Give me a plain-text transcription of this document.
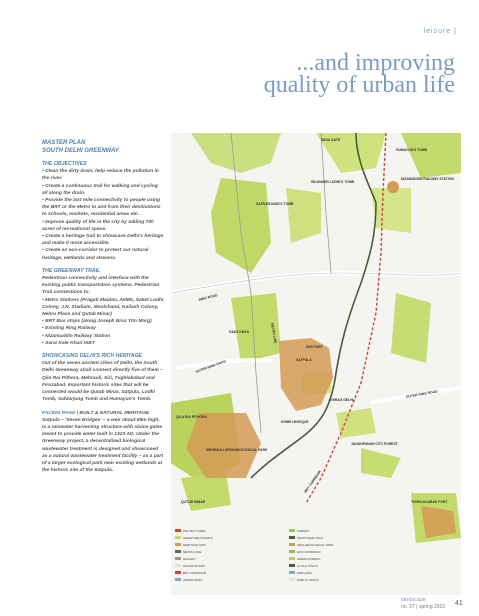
leisure |
...and improving
quality of urban life
MASTER PLAN
SOUTH DELHI GREENWAY
THE OBJECTIVES
• Clean the dirty drain, help reduce the pollution in the river.
• Create a continuous trail for walking and cycling all along the drain.
• Provide the last mile connectivity to people using the BRT or the Metro to and from their destinations to schools, markets, residential areas etc.
• Improve quality of life in the city by adding 700 acres of recreational space.
• Create a heritage trail to showcase Delhi's heritage and make it more accessible.
• Create an eco-corridor to protect our natural heritage, wetlands and streams.
THE GREENWAY TRAIL

Pedestrian connectivity and interface with the existing public transportation systems. Pedestrian Trail connections to:

• Metro Stations (Pragati Maidan, AIIMS, Saket Lodhi Colony, J.N. Stadium, Moolchand, Kailash Colony, Nehru Place and Qutab Minar)
• BRT Bus stops (along Joseph Broz Tito Marg)
• Existing Ring Railway
• Nizamuddin Railway Station
• Sarai Kale Khan ISBT
SHOWCASING DELHI'S RICH HERITAGE

Out of the seven ancient cities of Delhi, the South Delhi Greenway shall connect directly five of them – Qila Rai Pithora, Mehrauli, Siri, Tughlakabad and Firozabad. Important historic sites that will be connected would be Qutab Minar, Satpula, Lodhi Tomb, Safdarjung Tomb and Humayun's Tomb.

FACING PAGE | BUILT & NATURAL HERITAGE Satpula – 'Seven Bridges' – a weir about 65m high, is a rainwater harvesting structure with sluice gates meant to provide water built in 1323 AD. Under the Greenway project, a decentralized biological wastewater treatment is designed and showcased as a natural wastewater treatment facility – as a part of a larger ecological park near existing wetlands at the historic site of the Satpula.
INDIA GATE
HUMAYUN'S TOMB
NIZAMUDDIN RAILWAY STATION
SAFDARJUNG'S TOMB
SIKANDER LODHI'S TOMB
RING ROAD
OUTER RING ROAD
OUTER RING ROAD
SIRI FORT
HAUZ KHAS	METRO LINE
SATPULA
QUTUB MINAR
MEHRAULI ARCHAEOLOGICAL PARK
QILA RAI PITHORA
JAHANPANAH CITY FOREST
TUGHLAKABAD FORT
BRT CORRIDOR
KHIRKI MOSQUE
CHIRAG DELHI
PROJECT AREA
GREEN BELT/PARKS
HERITAGE SITE
METRO LINE
RAILWAY
MAJOR ROADS
BRT CORRIDOR
WATER BODY
FOREST
PROPOSED TRAIL
ARCHAEOLOGICAL PARK
ECO CORRIDOR
URBAN FOREST
CYCLE TRACK
WETLAND
PUBLIC SPACE
landscape
no. 27 | spring 2010 41
